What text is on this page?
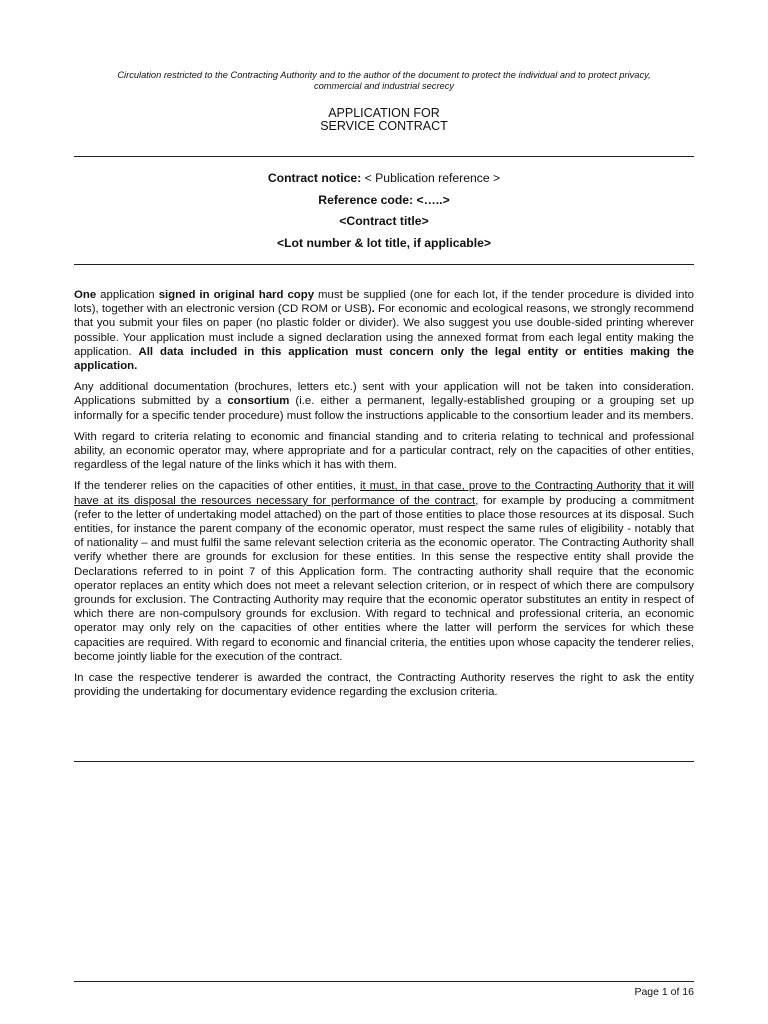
Circulation restricted to the Contracting Authority and to the author of the document to protect the individual and to protect privacy,
commercial and industrial secrecy
APPLICATION FOR
SERVICE CONTRACT
Contract notice: < Publication reference >
Reference code: <…..>
<Contract title>
<Lot number & lot title, if applicable>

One application signed in original hard copy must be supplied (one for each lot, if the tender procedure is divided into lots), together with an electronic version (CD ROM or USB). For economic and ecological reasons, we strongly recommend that you submit your files on paper (no plastic folder or divider). We also suggest you use double-sided printing wherever possible. Your application must include a signed declaration using the annexed format from each legal entity making the application. All data included in this application must concern only the legal entity or entities making the application.

Any additional documentation (brochures, letters etc.) sent with your application will not be taken into consideration. Applications submitted by a consortium (i.e. either a permanent, legally-established grouping or a grouping set up informally for a specific tender procedure) must follow the instructions applicable to the consortium leader and its members.

With regard to criteria relating to economic and financial standing and to criteria relating to technical and professional ability, an economic operator may, where appropriate and for a particular contract, rely on the capacities of other entities, regardless of the legal nature of the links which it has with them.

If the tenderer relies on the capacities of other entities, it must, in that case, prove to the Contracting Authority that it will have at its disposal the resources necessary for performance of the contract, for example by producing a commitment (refer to the letter of undertaking model attached) on the part of those entities to place those resources at its disposal. Such entities, for instance the parent company of the economic operator, must respect the same rules of eligibility - notably that of nationality – and must fulfil the same relevant selection criteria as the economic operator. The Contracting Authority shall verify whether there are grounds for exclusion for these entities. In this sense the respective entity shall provide the Declarations referred to in point 7 of this Application form. The contracting authority shall require that the economic operator replaces an entity which does not meet a relevant selection criterion, or in respect of which there are compulsory grounds for exclusion. The Contracting Authority may require that the economic operator substitutes an entity in respect of which there are non-compulsory grounds for exclusion. With regard to technical and professional criteria, an economic operator may only rely on the capacities of other entities where the latter will perform the services for which these capacities are required. With regard to economic and financial criteria, the entities upon whose capacity the tenderer relies, become jointly liable for the execution of the contract.

In case the respective tenderer is awarded the contract, the Contracting Authority reserves the right to ask the entity providing the undertaking for documentary evidence regarding the exclusion criteria.

Page 1 of 16
